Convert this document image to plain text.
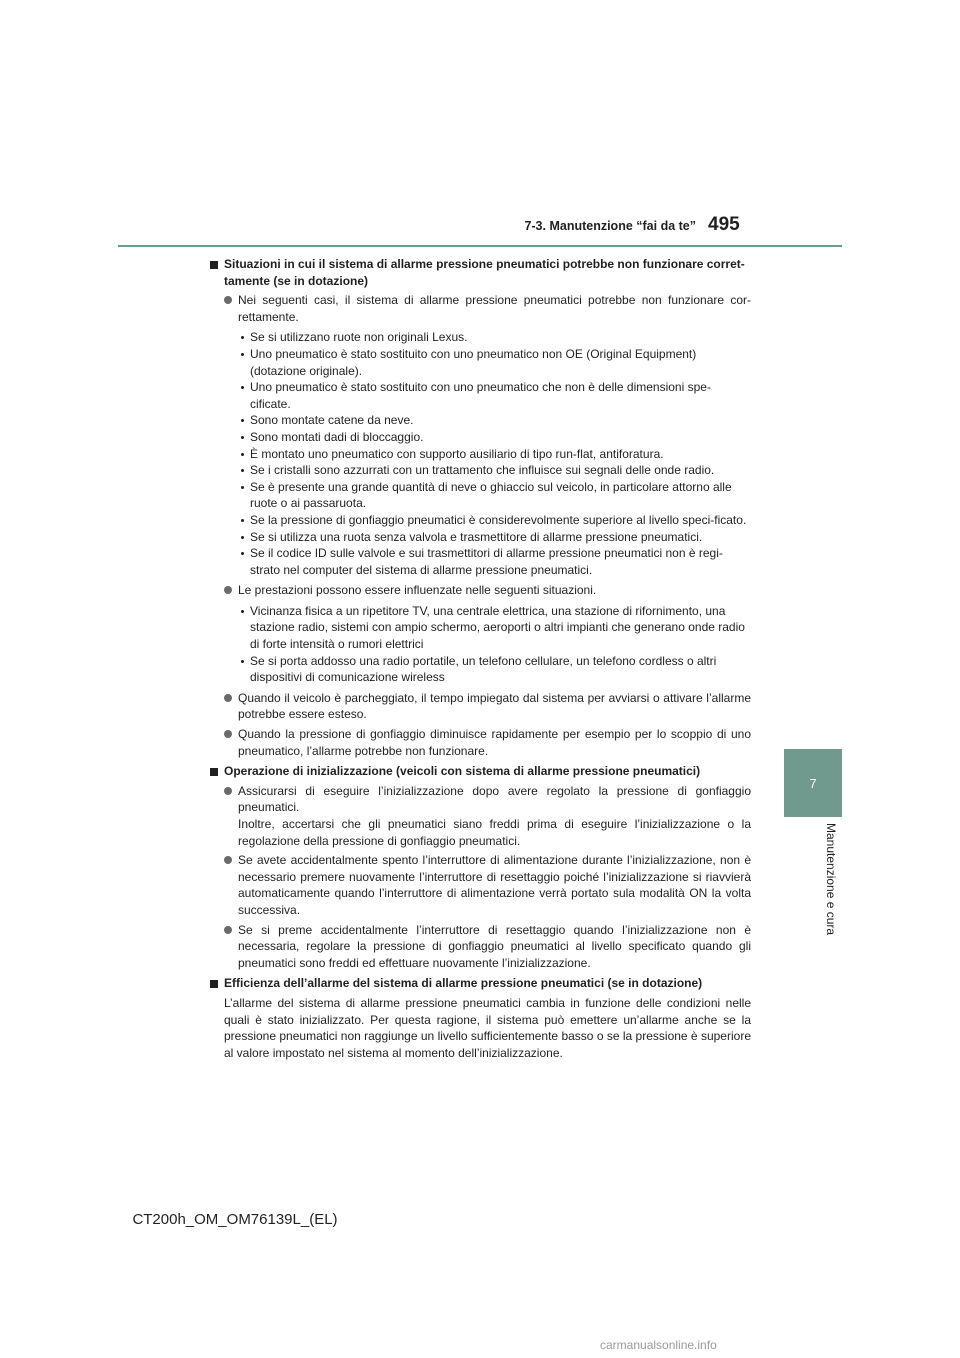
7-3. Manutenzione “fai da te” 495
7
Manutenzione e cura
Situazioni in cui il sistema di allarme pressione pneumatici potrebbe non funzionare corret-tamente (se in dotazione)
Nei seguenti casi, il sistema di allarme pressione pneumatici potrebbe non funzionare cor-rettamente.
Se si utilizzano ruote non originali Lexus.
Uno pneumatico è stato sostituito con uno pneumatico non OE (Original Equipment) (dotazione originale).
Uno pneumatico è stato sostituito con uno pneumatico che non è delle dimensioni spe-cificate.
Sono montate catene da neve.
Sono montati dadi di bloccaggio.
È montato uno pneumatico con supporto ausiliario di tipo run-flat, antiforatura.
Se i cristalli sono azzurrati con un trattamento che influisce sui segnali delle onde radio.
Se è presente una grande quantità di neve o ghiaccio sul veicolo, in particolare attorno alle ruote o ai passaruota.
Se la pressione di gonfiaggio pneumatici è considerevolmente superiore al livello speci-ficato.
Se si utilizza una ruota senza valvola e trasmettitore di allarme pressione pneumatici.
Se il codice ID sulle valvole e sui trasmettitori di allarme pressione pneumatici non è regi-strato nel computer del sistema di allarme pressione pneumatici.
Le prestazioni possono essere influenzate nelle seguenti situazioni.
Vicinanza fisica a un ripetitore TV, una centrale elettrica, una stazione di rifornimento, una stazione radio, sistemi con ampio schermo, aeroporti o altri impianti che generano onde radio di forte intensità o rumori elettrici
Se si porta addosso una radio portatile, un telefono cellulare, un telefono cordless o altri dispositivi di comunicazione wireless
Quando il veicolo è parcheggiato, il tempo impiegato dal sistema per avviarsi o attivare l’allarme potrebbe essere esteso.
Quando la pressione di gonfiaggio diminuisce rapidamente per esempio per lo scoppio di uno pneumatico, l’allarme potrebbe non funzionare.
Operazione di inizializzazione (veicoli con sistema di allarme pressione pneumatici)
Assicurarsi di eseguire l’inizializzazione dopo avere regolato la pressione di gonfiaggio pneumatici.
Inoltre, accertarsi che gli pneumatici siano freddi prima di eseguire l’inizializzazione o la regolazione della pressione di gonfiaggio pneumatici.
Se avete accidentalmente spento l’interruttore di alimentazione durante l’inizializzazione, non è necessario premere nuovamente l’interruttore di resettaggio poiché l’inizializzazione si riavvierà automaticamente quando l’interruttore di alimentazione verrà portato sula modalità ON la volta successiva.
Se si preme accidentalmente l’interruttore di resettaggio quando l’inizializzazione non è necessaria, regolare la pressione di gonfiaggio pneumatici al livello specificato quando gli pneumatici sono freddi ed effettuare nuovamente l’inizializzazione.
Efficienza dell’allarme del sistema di allarme pressione pneumatici (se in dotazione)
L’allarme del sistema di allarme pressione pneumatici cambia in funzione delle condizioni nelle quali è stato inizializzato. Per questa ragione, il sistema può emettere un’allarme anche se la pressione pneumatici non raggiunge un livello sufficientemente basso o se la pressione è superiore al valore impostato nel sistema al momento dell’inizializzazione.
CT200h_OM_OM76139L_(EL)
carmanualsonline.info
